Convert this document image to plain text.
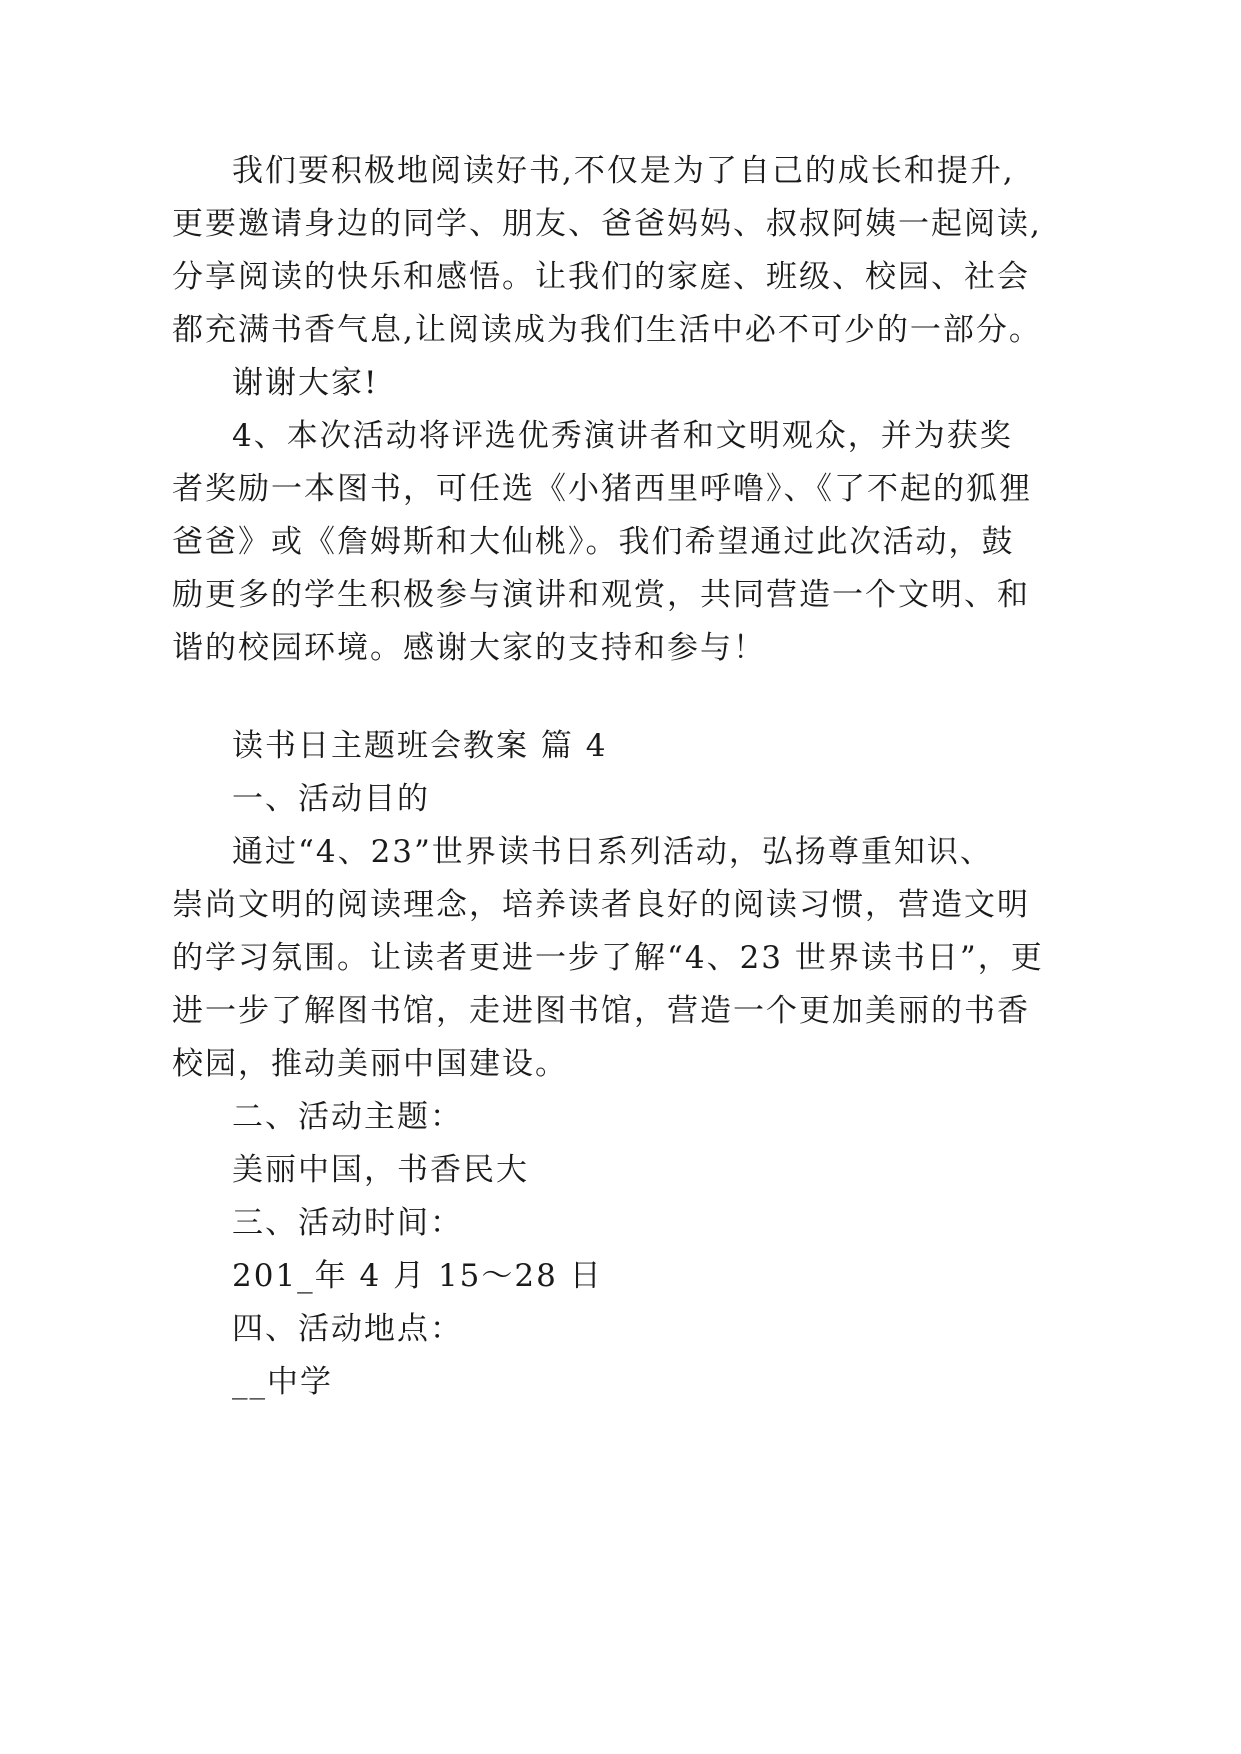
我们要积极地阅读好书,不仅是为了自己的成长和提升,

更要邀请身边的同学、朋友、爸爸妈妈、叔叔阿姨一起阅读,

分享阅读的快乐和感悟。让我们的家庭、班级、校园、社会

都充满书香气息,让阅读成为我们生活中必不可少的一部分。

谢谢大家!

4、本次活动将评选优秀演讲者和文明观众，并为获奖

者奖励一本图书，可任选《小猪西里呼噜》、《了不起的狐狸

爸爸》或《詹姆斯和大仙桃》。我们希望通过此次活动，鼓

励更多的学生积极参与演讲和观赏，共同营造一个文明、和

谐的校园环境。感谢大家的支持和参与！

读书日主题班会教案 篇 4

一、活动目的

通过“4、23”世界读书日系列活动，弘扬尊重知识、

崇尚文明的阅读理念，培养读者良好的阅读习惯，营造文明

的学习氛围。让读者更进一步了解“4、23 世界读书日”，更

进一步了解图书馆，走进图书馆，营造一个更加美丽的书香

校园，推动美丽中国建设。

二、活动主题：

美丽中国，书香民大

三、活动时间：

201_年 4 月 15～28 日

四、活动地点：

__中学
